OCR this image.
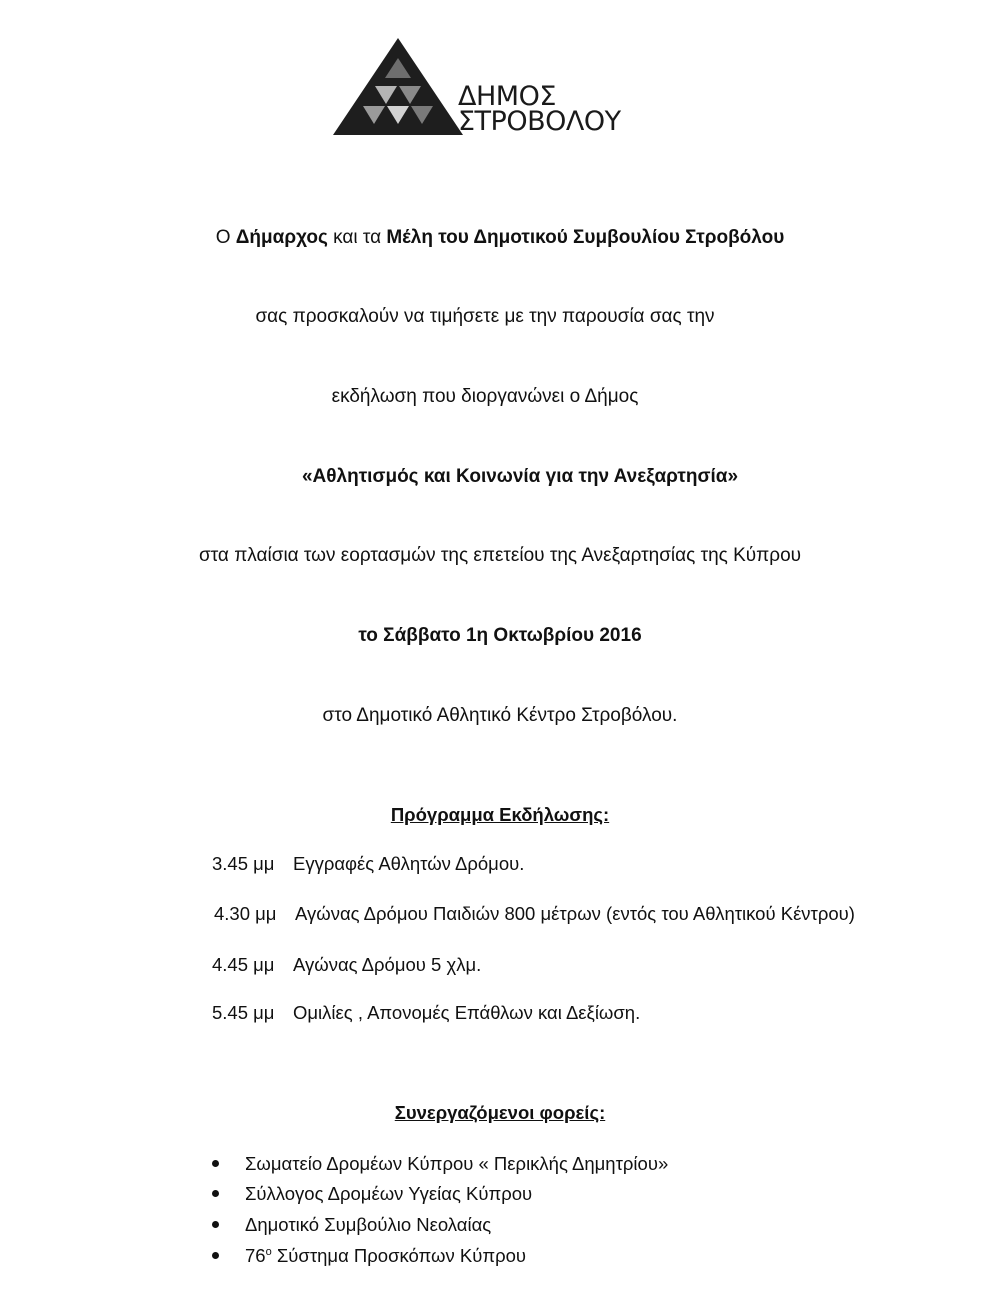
ΔΗΜΟΣ
ΣΤΡΟΒΟΛΟΥ
Ο Δήμαρχος και τα Μέλη του Δημοτικού Συμβουλίου Στροβόλου
σας προσκαλούν να τιμήσετε με την παρουσία σας την
εκδήλωση που διοργανώνει ο Δήμος
«Αθλητισμός και Κοινωνία για την Ανεξαρτησία»
στα πλαίσια των εορτασμών της επετείου της Ανεξαρτησίας της Κύπρου
το Σάββατο 1η Οκτωβρίου 2016
στο Δημοτικό Αθλητικό Κέντρο Στροβόλου.
Πρόγραμμα Εκδήλωσης:
3.45 μμ Εγγραφές Αθλητών Δρόμου.
4.30 μμ Αγώνας Δρόμου Παιδιών 800 μέτρων (εντός του Αθλητικού Κέντρου)
4.45 μμ Αγώνας Δρόμου 5 χλμ.
5.45 μμ Ομιλίες , Απονομές Επάθλων και Δεξίωση.
Συνεργαζόμενοι φορείς:
Σωματείο Δρομέων Κύπρου « Περικλής Δημητρίου»
Σύλλογος Δρομέων Υγείας Κύπρου
Δημοτικό Συμβούλιο Νεολαίας
$76^o$ Σύστημα Προσκόπων Κύπρου
